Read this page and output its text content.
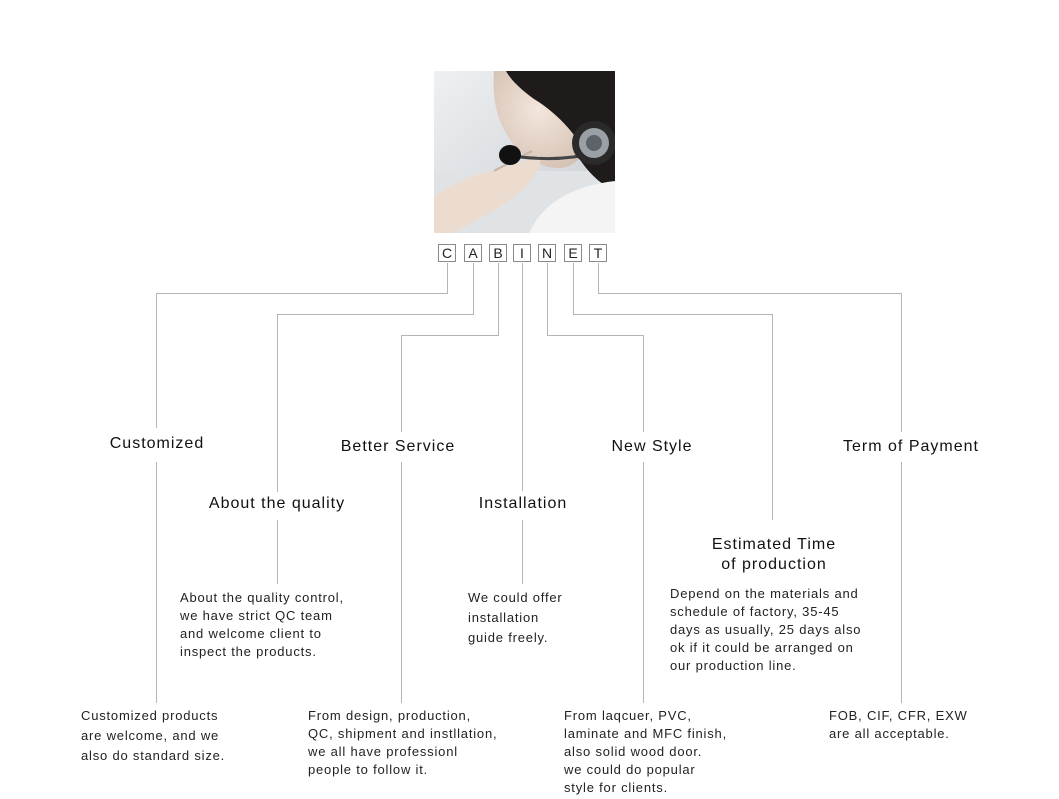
C	A	B	I	N	E	T
Customized
About the quality
Better Service
Installation
New Style
Estimated Time
of production
Term of Payment
About the quality control,
we have strict QC team
and welcome client to
inspect the products.
We could offer
installation
guide freely.
Depend on the materials and
schedule of factory, 35-45
days as usually, 25 days also
ok if it could be arranged on
our production line.
Customized products
are welcome, and we
also do standard size.
From design, production,
QC, shipment and instllation,
we all have professionl
people to follow it.
From laqcuer, PVC,
laminate and MFC finish,
also solid wood door.
we could do popular
style for clients.
FOB, CIF, CFR, EXW
are all acceptable.
